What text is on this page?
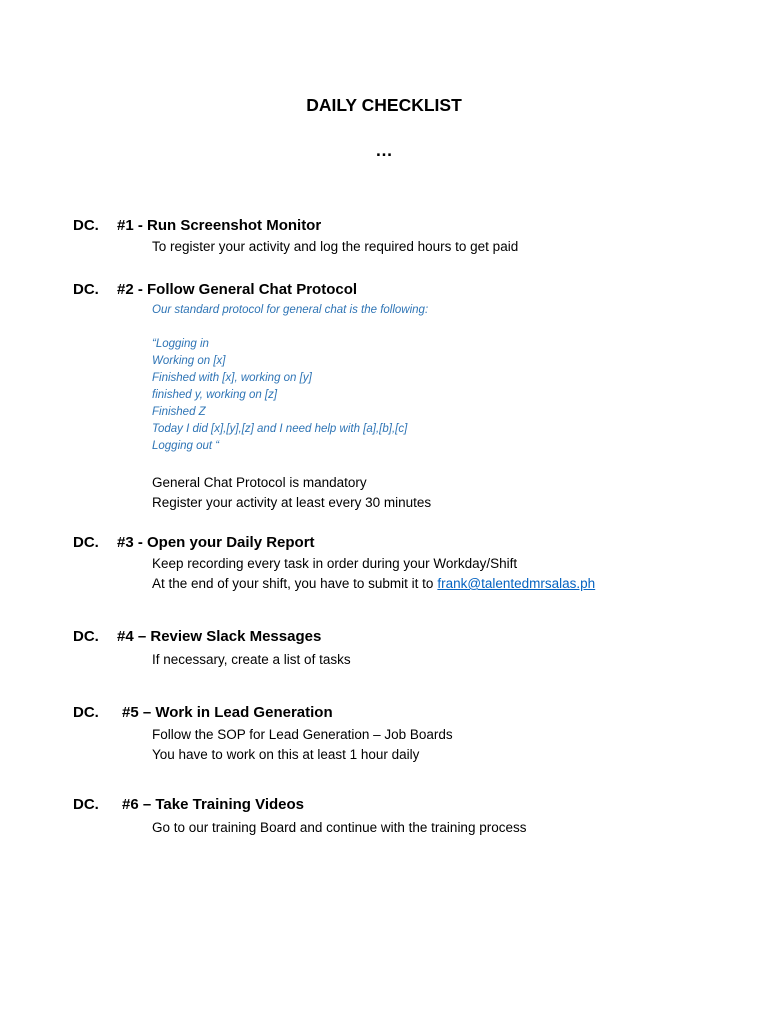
DAILY CHECKLIST
…
DC. #1 - Run Screenshot Monitor
To register your activity and log the required hours to get paid
DC. #2 - Follow General Chat Protocol
Our standard protocol for general chat is the following:
“Logging in
Working on [x]
Finished with [x], working on [y]
finished y, working on [z]
Finished Z
Today I did [x],[y],[z] and I need help with [a],[b],[c]
Logging out “
General Chat Protocol is mandatory
Register your activity at least every 30 minutes
DC. #3 - Open your Daily Report
Keep recording every task in order during your Workday/Shift
At the end of your shift, you have to submit it to frank@talentedmrsalas.ph
DC. #4 – Review Slack Messages
If necessary, create a list of tasks
DC. #5 – Work in Lead Generation
Follow the SOP for Lead Generation – Job Boards
You have to work on this at least 1 hour daily
DC. #6 – Take Training Videos
Go to our training Board and continue with the training process
